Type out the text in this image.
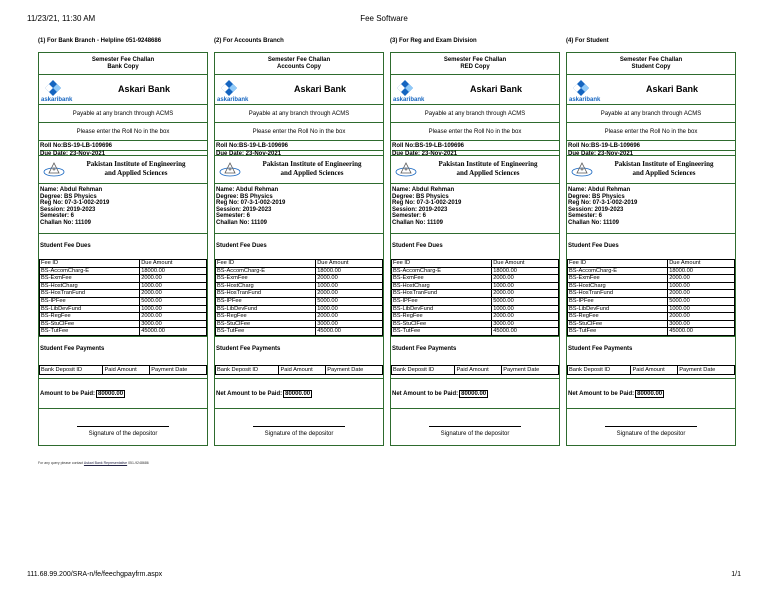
11/23/21, 11:30 AM	Fee Software
(1) For Bank Branch - Helpline 051-9248686
Semester Fee Challan
Bank Copy
askaribank
Askari Bank
Payable at any branch through ACMS
Please enter the Roll No in the box
Roll No:BS-19-LB-109696
Due Date: 23-Nov-2021
Pakistan Institute of Engineering
and Applied Sciences
Name: Abdul Rehman
Degree: BS Physics
Reg No: 07-3-1-002-2019
Session: 2019-2023
Semester: 6
Challan No: 11109
Student Fee Dues
Fee ID	Due Amount
BS-AccomCharg-E	18000.00
BS-ExmFee	2000.00
BS-HostCharg	1000.00
BS-HosTranFund	2000.00
BS-IPFee	5000.00
BS-LibDevFund	1000.00
BS-RegFee	2000.00
BS-StuClFee	3000.00
BS-TutFee	45000.00
Student Fee Payments
Bank Deposit ID	Paid Amount	Payment Date
Amount to be Paid: 80000.00
Signature of the depositor
(2) For Accounts Branch
Semester Fee Challan
Accounts Copy
askaribank
Askari Bank
Payable at any branch through ACMS
Please enter the Roll No in the box
Roll No:BS-19-LB-109696
Due Date: 23-Nov-2021
Pakistan Institute of Engineering
and Applied Sciences
Name: Abdul Rehman
Degree: BS Physics
Reg No: 07-3-1-002-2019
Session: 2019-2023
Semester: 6
Challan No: 11109
Student Fee Dues
Fee ID	Due Amount
BS-AccomCharg-E	18000.00
BS-ExmFee	2000.00
BS-HostCharg	1000.00
BS-HosTranFund	2000.00
BS-IPFee	5000.00
BS-LibDevFund	1000.00
BS-RegFee	2000.00
BS-StuClFee	3000.00
BS-TutFee	45000.00
Student Fee Payments
Bank Deposit ID	Paid Amount	Payment Date
Net Amount to be Paid: 80000.00
Signature of the depositor
(3) For Reg and Exam Division
Semester Fee Challan
RED Copy
askaribank
Askari Bank
Payable at any branch through ACMS
Please enter the Roll No in the box
Roll No:BS-19-LB-109696
Due Date: 23-Nov-2021
Pakistan Institute of Engineering
and Applied Sciences
Name: Abdul Rehman
Degree: BS Physics
Reg No: 07-3-1-002-2019
Session: 2019-2023
Semester: 6
Challan No: 11109
Student Fee Dues
Fee ID	Due Amount
BS-AccomCharg-E	18000.00
BS-ExmFee	2000.00
BS-HostCharg	1000.00
BS-HosTranFund	2000.00
BS-IPFee	5000.00
BS-LibDevFund	1000.00
BS-RegFee	2000.00
BS-StuClFee	3000.00
BS-TutFee	45000.00
Student Fee Payments
Bank Deposit ID	Paid Amount	Payment Date
Net Amount to be Paid: 80000.00
Signature of the depositor
(4) For Student
Semester Fee Challan
Student Copy
askaribank
Askari Bank
Payable at any branch through ACMS
Please enter the Roll No in the box
Roll No:BS-19-LB-109696
Due Date: 23-Nov-2021
Pakistan Institute of Engineering
and Applied Sciences
Name: Abdul Rehman
Degree: BS Physics
Reg No: 07-3-1-002-2019
Session: 2019-2023
Semester: 6
Challan No: 11109
Student Fee Dues
Fee ID	Due Amount
BS-AccomCharg-E	18000.00
BS-ExmFee	2000.00
BS-HostCharg	1000.00
BS-HosTranFund	2000.00
BS-IPFee	5000.00
BS-LibDevFund	1000.00
BS-RegFee	2000.00
BS-StuClFee	3000.00
BS-TutFee	45000.00
Student Fee Payments
Bank Deposit ID	Paid Amount	Payment Date
Net Amount to be Paid: 80000.00
Signature of the depositor
For any query please contact Askari Bank Representative 051-9248686
111.68.99.200/SRA-n/fe/feechgpayfrm.aspx	1/1
